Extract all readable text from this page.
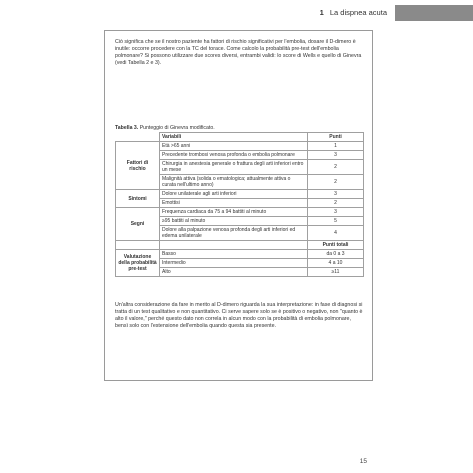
1 La dispnea acuta

Ciò significa che se il nostro paziente ha fattori di rischio significativi per l'embolia, dosare il D-dimero è inutile: occorre procedere con la TC del torace. Come calcolo la probabilità pre-test dell'embolia polmonare? Si possono utilizzare due scores diversi, entrambi validi: lo score di Wells e quello di Ginevra (vedi Tabella 2 e 3).

Tabella 3. Punteggio di Ginevra modificato.

	Variabili	Punti
Fattori di rischio	Età >65 anni	1
	Precedente trombosi venosa profonda o embolia polmonare	3
	Chirurgia in anestesia generale o frattura degli arti inferiori entro un mese	2
	Malignità attiva (solida o ematologica; attualmente attiva o curata nell'ultimo anno)	2
Sintomi	Dolore unilaterale agli arti inferiori	3
	Emottisi	2
Segni	Frequenza cardiaca da 75 a 94 battiti al minuto	3
	≥95 battiti al minuto	5
	Dolore alla palpazione venosa profonda degli arti inferiori ed edema unilaterale	4
		Punti totali
Valutazione della probabilità pre-test	Basso	da 0 a 3
	Intermedio	4 a 10
	Alto	≥11

Un'altra considerazione da fare in merito al D-dimero riguarda la sua interpretazione: in fase di diagnosi si tratta di un test qualitativo e non quantitativo. Ci serve sapere solo se è positivo o negativo, non "quanto è alto il valore," perché questo dato non correla in alcun modo con la probabilità di embolia polmonare, bensì solo con l'estensione dell'embolia quando questa sia presente.

15
